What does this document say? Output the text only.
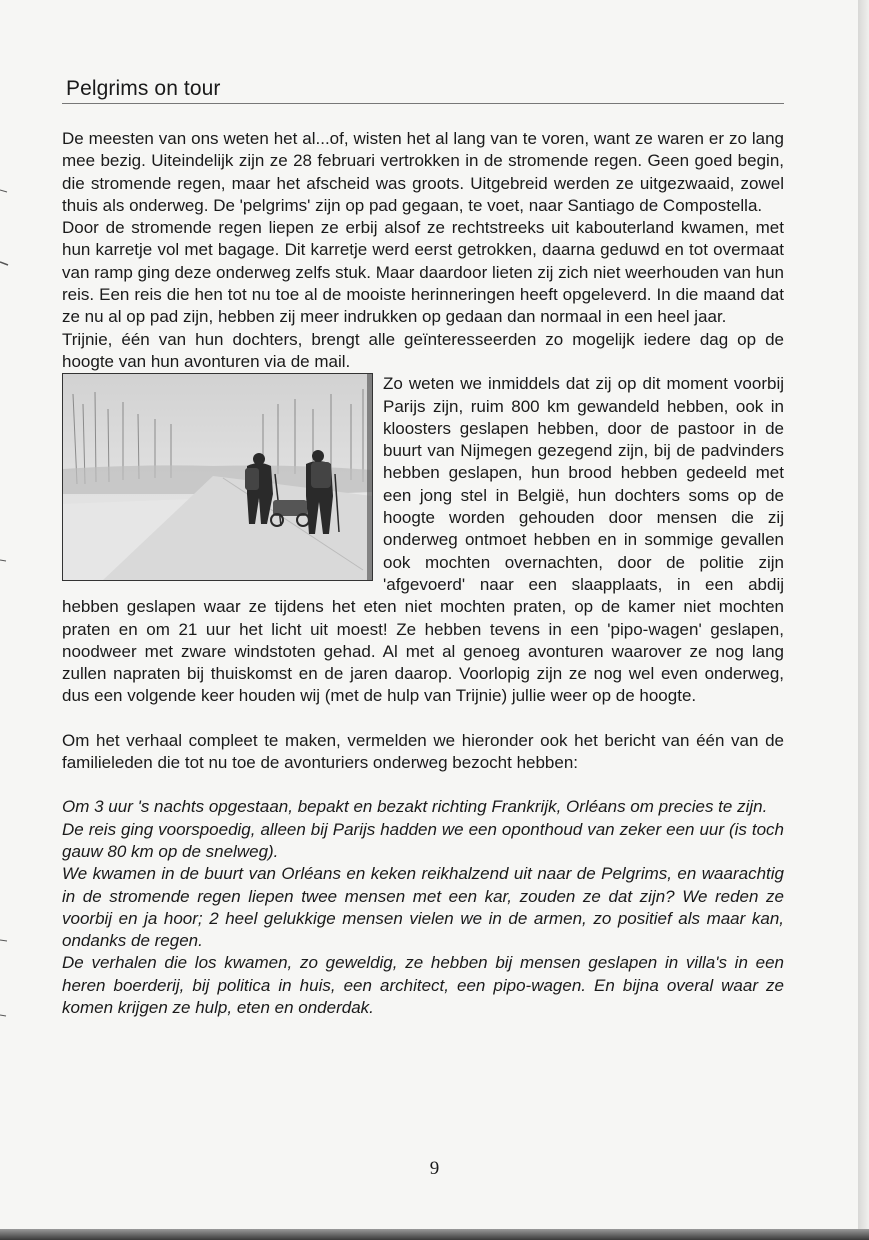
Pelgrims on tour

De meesten van ons weten het al...of, wisten het al lang van te voren, want ze waren er zo lang mee bezig. Uiteindelijk zijn ze 28 februari vertrokken in de stromende regen. Geen goed begin, die stromende regen, maar het afscheid was groots. Uitgebreid werden ze uitgezwaaid, zowel thuis als onderweg. De 'pelgrims' zijn op pad gegaan, te voet, naar Santiago de Compostella.

Door de stromende regen liepen ze erbij alsof ze rechtstreeks uit kabouterland kwamen, met hun karretje vol met bagage. Dit karretje werd eerst getrokken, daarna geduwd en tot overmaat van ramp ging deze onderweg zelfs stuk. Maar daardoor lieten zij zich niet weerhouden van hun reis. Een reis die hen tot nu toe al de mooiste herinneringen heeft opgeleverd. In die maand dat ze nu al op pad zijn, hebben zij meer indrukken op gedaan dan normaal in een heel jaar.

Trijnie, één van hun dochters, brengt alle geïnteresseerden zo mogelijk iedere dag op de hoogte van hun avonturen via de mail.

Zo weten we inmiddels dat zij op dit moment voorbij Parijs zijn, ruim 800 km gewandeld hebben, ook in kloosters geslapen hebben, door de pastoor in de buurt van Nijmegen gezegend zijn, bij de padvinders hebben geslapen, hun brood hebben gedeeld met een jong stel in België, hun dochters soms op de hoogte worden gehouden door mensen die zij onderweg ontmoet hebben en in sommige gevallen ook mochten overnachten, door de politie zijn 'afgevoerd' naar een slaapplaats, in een abdij hebben geslapen waar ze tijdens het eten niet mochten praten, op de kamer niet mochten praten en om 21 uur het licht uit moest! Ze hebben tevens in een 'pipo-wagen' geslapen, noodweer met zware windstoten gehad. Al met al genoeg avonturen waarover ze nog lang zullen napraten bij thuiskomst en de jaren daarop. Voorlopig zijn ze nog wel even onderweg, dus een volgende keer houden wij (met de hulp van Trijnie) jullie weer op de hoogte.

Om het verhaal compleet te maken, vermelden we hieronder ook het bericht van één van de familieleden die tot nu toe de avonturiers onderweg bezocht hebben:

Om 3 uur 's nachts opgestaan, bepakt en bezakt richting Frankrijk, Orléans om precies te zijn.

De reis ging voorspoedig, alleen bij Parijs hadden we een oponthoud van zeker een uur (is toch gauw 80 km op de snelweg).

We kwamen in de buurt van Orléans en keken reikhalzend uit naar de Pelgrims, en waarachtig in de stromende regen liepen twee mensen met een kar, zouden ze dat zijn? We reden ze voorbij en ja hoor; 2 heel gelukkige mensen vielen we in de armen, zo positief als maar kan, ondanks de regen.

De verhalen die los kwamen, zo geweldig, ze hebben bij mensen geslapen in villa's in een heren boerderij, bij politica in huis, een architect, een pipo-wagen. En bijna overal waar ze komen krijgen ze hulp, eten en onderdak.

9
